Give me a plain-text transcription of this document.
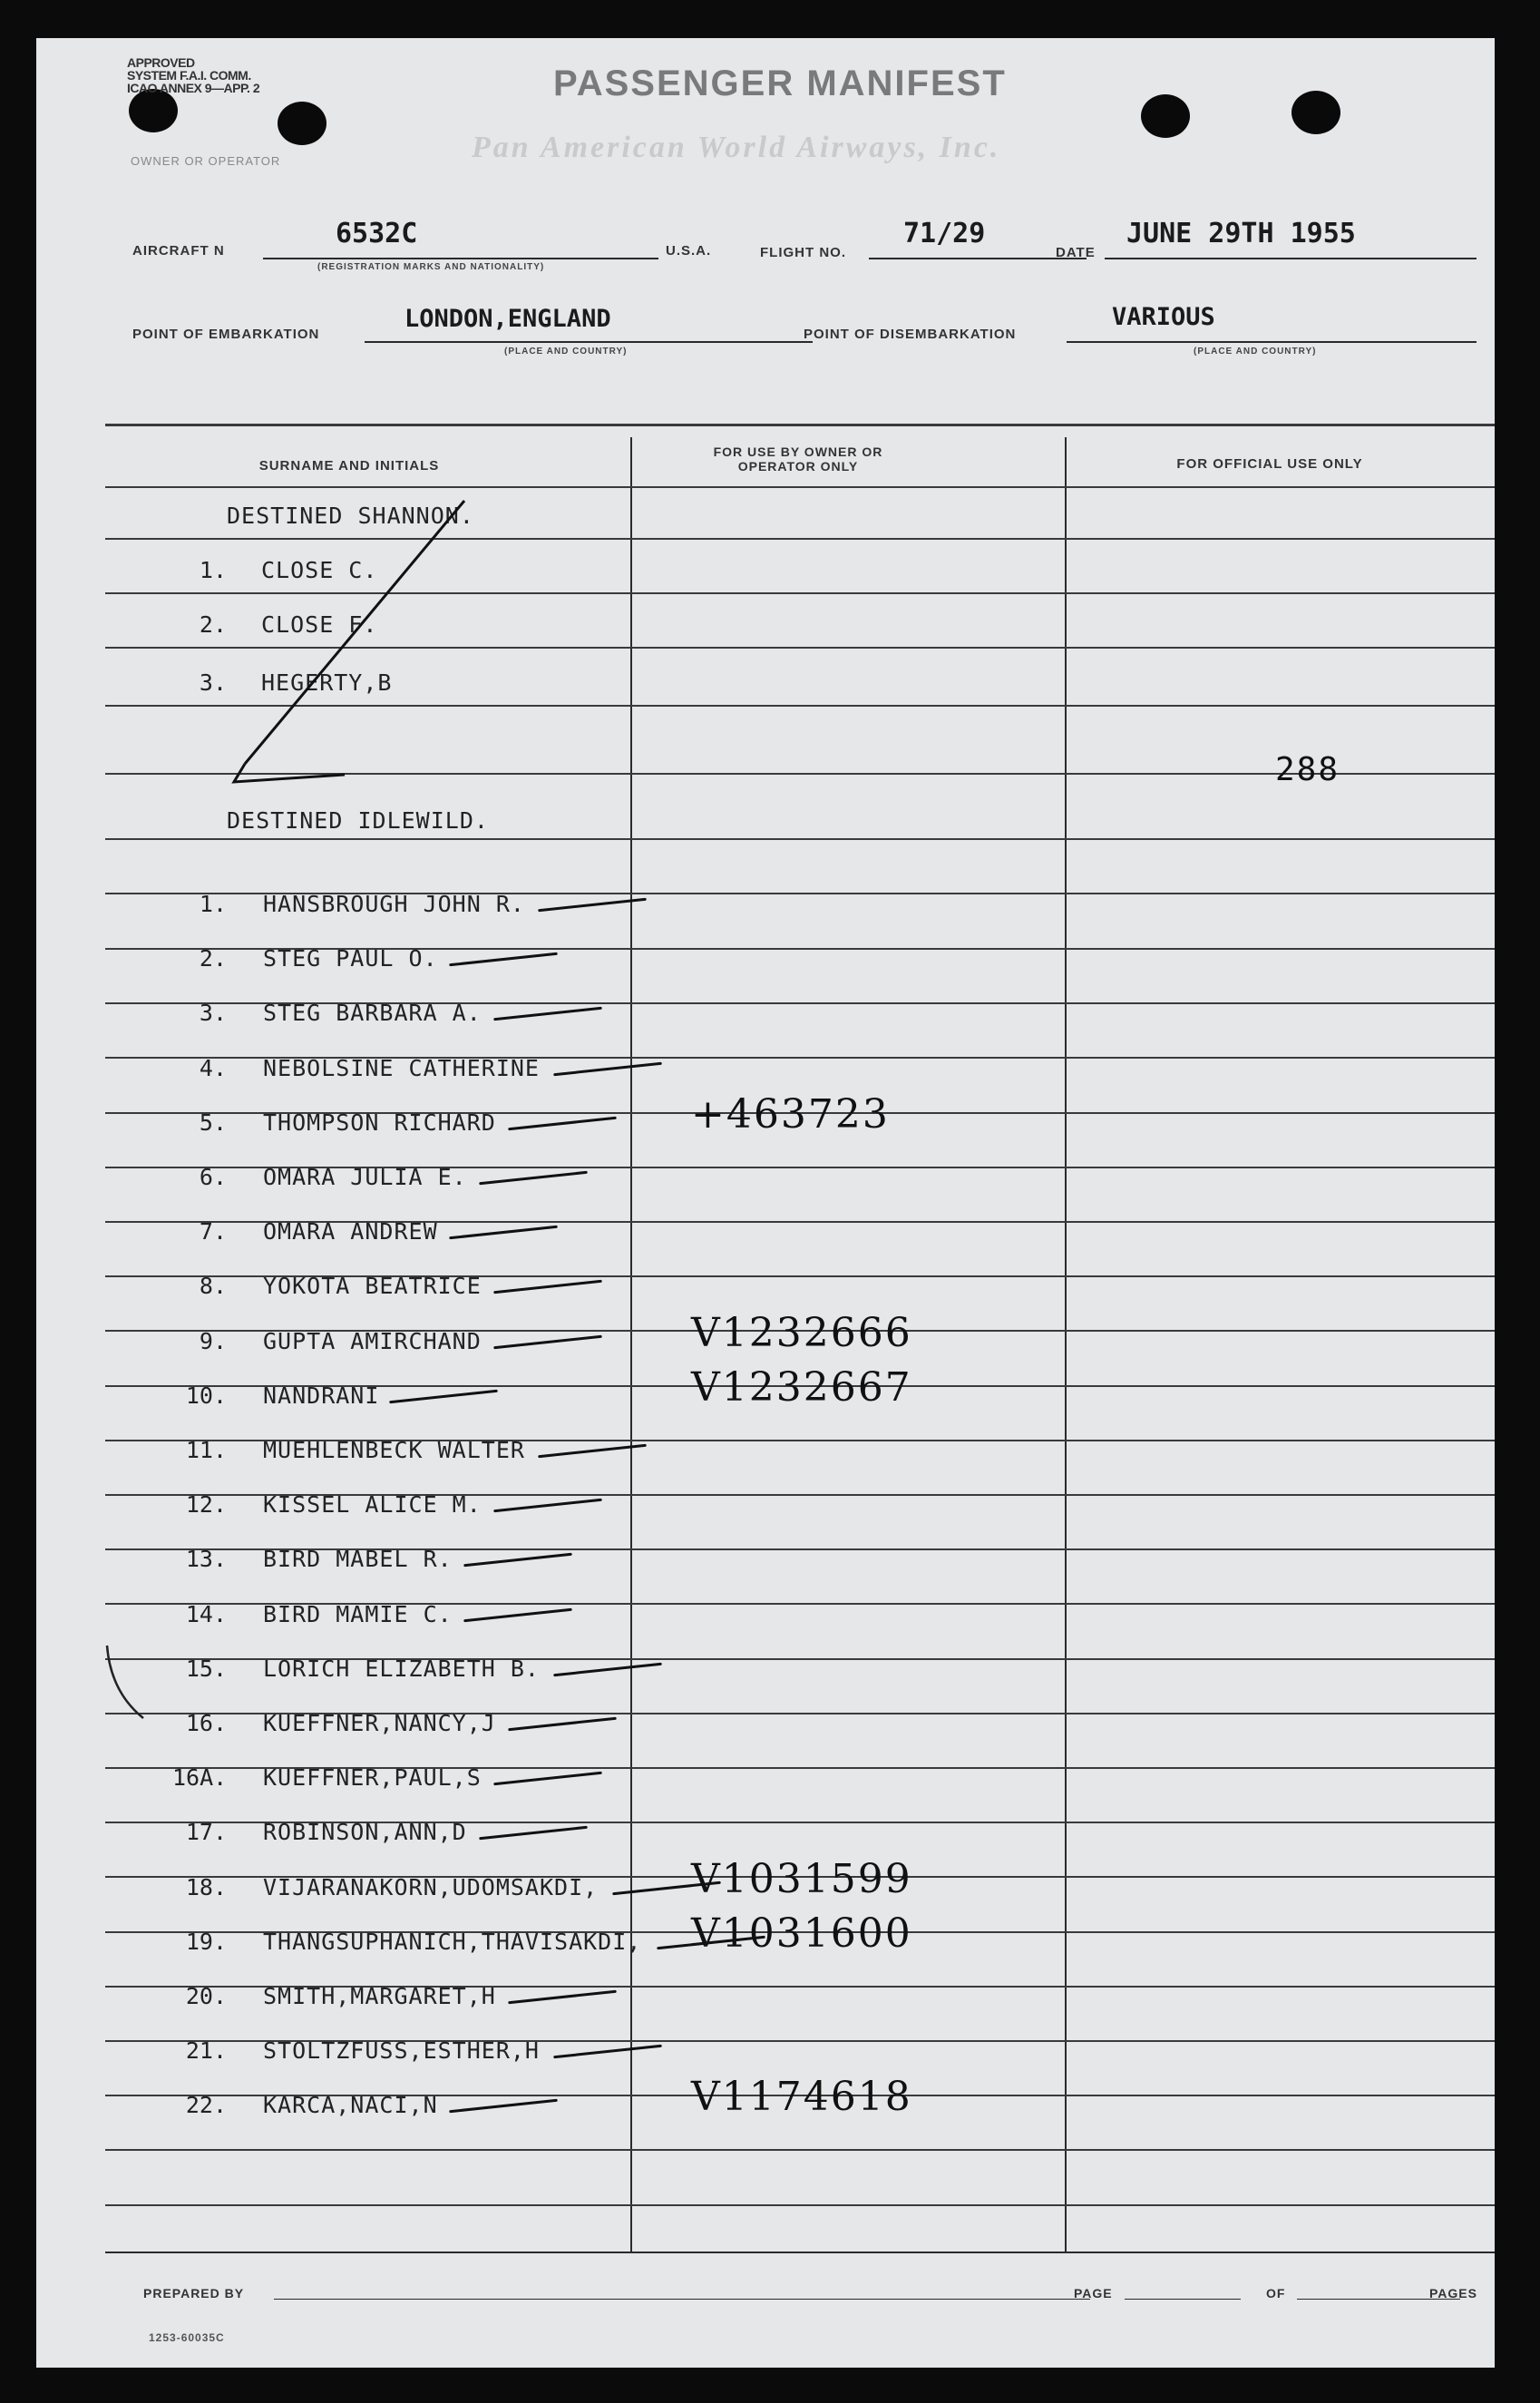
APPROVED
SYSTEM F.A.I. COMM.
ICAO ANNEX 9—APP. 2
OWNER OR OPERATOR
PASSENGER MANIFEST
Pan American World Airways, Inc.
AIRCRAFT N
6532C
(REGISTRATION MARKS AND NATIONALITY)
U.S.A.	FLIGHT NO.
71/29
DATE
JUNE 29TH 1955
POINT OF EMBARKATION
LONDON,ENGLAND
(PLACE AND COUNTRY)
POINT OF DISEMBARKATION
VARIOUS
(PLACE AND COUNTRY)
SURNAME AND INITIALS
FOR USE BY OWNER OR OPERATOR ONLY	FOR OFFICIAL USE ONLY
DESTINED SHANNON.
1. CLOSE C.
2. CLOSE F.
3. HEGERTY,B
288
DESTINED IDLEWILD.
1. HANSBROUGH JOHN R.
2. STEG PAUL O.
3. STEG BARBARA A.
4. NEBOLSINE CATHERINE
5. THOMPSON RICHARD	+463723
6. OMARA JULIA E.
7. OMARA ANDREW
8. YOKOTA BEATRICE
9. GUPTA AMIRCHAND	V1232666
10. NANDRANI	V1232667
11. MUEHLENBECK WALTER
12. KISSEL ALICE M.
13. BIRD MABEL R.
14. BIRD MAMIE C.
15. LORICH ELIZABETH B.
16. KUEFFNER,NANCY,J
16A. KUEFFNER,PAUL,S
17. ROBINSON,ANN,D
18. VIJARANAKORN,UDOMSAKDI, V1031599
19. THANGSUPHANICH,THAVISAKDI, V1031600
20. SMITH,MARGARET,H
21. STOLTZFUSS,ESTHER,H
22. KARCA,NACI,N	V1174618
PREPARED BY	PAGE	OF	PAGES
1253-60035C
